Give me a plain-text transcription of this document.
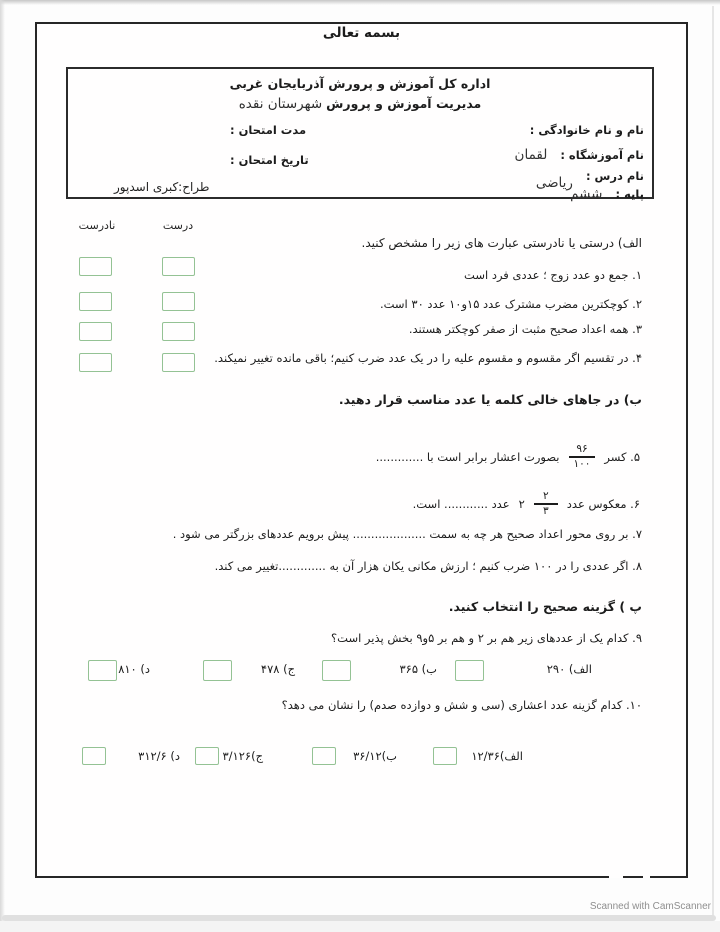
بسمه تعالی
اداره کل آموزش و پرورش آذربایجان غربی
مدیریت آموزش و پرورش شهرستان نقده
نام و نام خانوادگی :
نام آموزشگاه :
لقمان
نام درس :
ریاضی
پایه :
ششم
مدت امتحان :
تاریخ امتحان :
طراح:کبری اسدپور
درست
نادرست
الف) درستی یا نادرستی عبارت های زیر را مشخص کنید.
۱. جمع دو عدد زوج ؛ عددی فرد است
۲. کوچکترین مضرب مشترک عدد ۱۵و۱۰ عدد ۳۰ است.
۳. همه اعداد صحیح مثبت از صفر کوچکتر هستند.
۴. در تقسیم اگر مقسوم و مقسوم علیه را در یک عدد ضرب کنیم؛ باقی مانده تغییر نمیکند.
ب) در جاهای خالی کلمه یا عدد مناسب قرار دهید.
۵. کسر
$\frac{۹۶}{۱۰۰}$
بصورت اعشار برابر است با .............
۶. معکوس عدد
$\frac{۲}{۳}$
۲
عدد ............ است.
۷. بر روی محور اعداد صحیح هر چه به سمت .................... پیش برویم عددهای بزرگتر می شود .
۸. اگر عددی را در ۱۰۰ ضرب کنیم ؛ ارزش مکانی یکان هزار آن به .............تغییر می کند.
پ ) گزینه صحیح را انتخاب کنید.
۹. کدام یک از عددهای زیر هم بر ۲ و هم بر ۵و۹ بخش پذیر است؟
الف) ۲۹۰
ب) ۳۶۵
ج) ۴۷۸
د) ۸۱۰
۱۰. کدام گزینه عدد اعشاری (سی و شش و دوازده صدم) را نشان می دهد؟
الف)۱۲/۳۶
ب)۳۶/۱۲
ج)۳/۱۲۶
د) ۳۱۲/۶
Scanned with CamScanner
